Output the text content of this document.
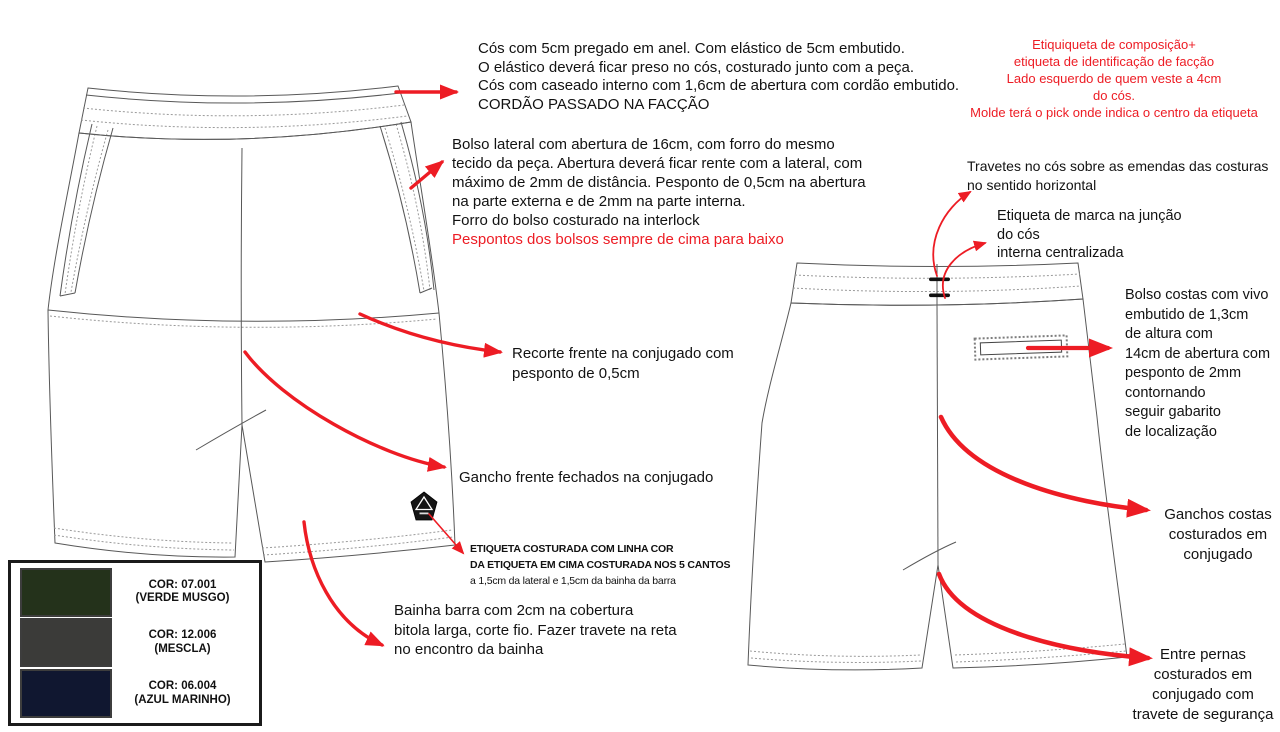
Cós com 5cm pregado em anel. Com elástico de 5cm embutido.
O elástico deverá ficar preso no cós, costurado junto com a peça.
Cós com caseado interno com 1,6cm de abertura com cordão embutido.
CORDÃO PASSADO NA FACÇÃO
Etiquiqueta de composição+
etiqueta de identificação de facção
Lado esquerdo de quem veste a 4cm
do cós.
Molde terá o pick onde indica o centro da etiqueta
Bolso lateral com abertura de 16cm, com forro do mesmo
tecido da peça. Abertura deverá ficar rente com a lateral, com
máximo de 2mm de distância. Pesponto de 0,5cm na abertura
na parte externa e de 2mm na parte interna.
Forro do bolso costurado na interlock
Pespontos dos bolsos sempre de cima para baixo
Travetes no cós sobre as emendas das costuras
no sentido horizontal
Etiqueta de marca na junção
do cós
interna centralizada
Bolso costas com vivo
embutido de 1,3cm
de altura com
14cm de abertura com
pesponto de 2mm
contornando
seguir gabarito
de localização
Recorte frente na conjugado com
pesponto de 0,5cm
Gancho frente fechados na conjugado
ETIQUETA COSTURADA COM LINHA COR
DA ETIQUETA EM CIMA COSTURADA NOS 5 CANTOS
a 1,5cm da lateral e 1,5cm da bainha da barra
Bainha barra com 2cm na cobertura
bitola larga, corte fio. Fazer travete na reta
no encontro da bainha
Ganchos costas
costurados em
conjugado
Entre pernas
costurados em
conjugado com
travete de segurança
COR: 07.001
(VERDE MUSGO)
COR: 12.006
(MESCLA)
COR: 06.004
(AZUL MARINHO)
